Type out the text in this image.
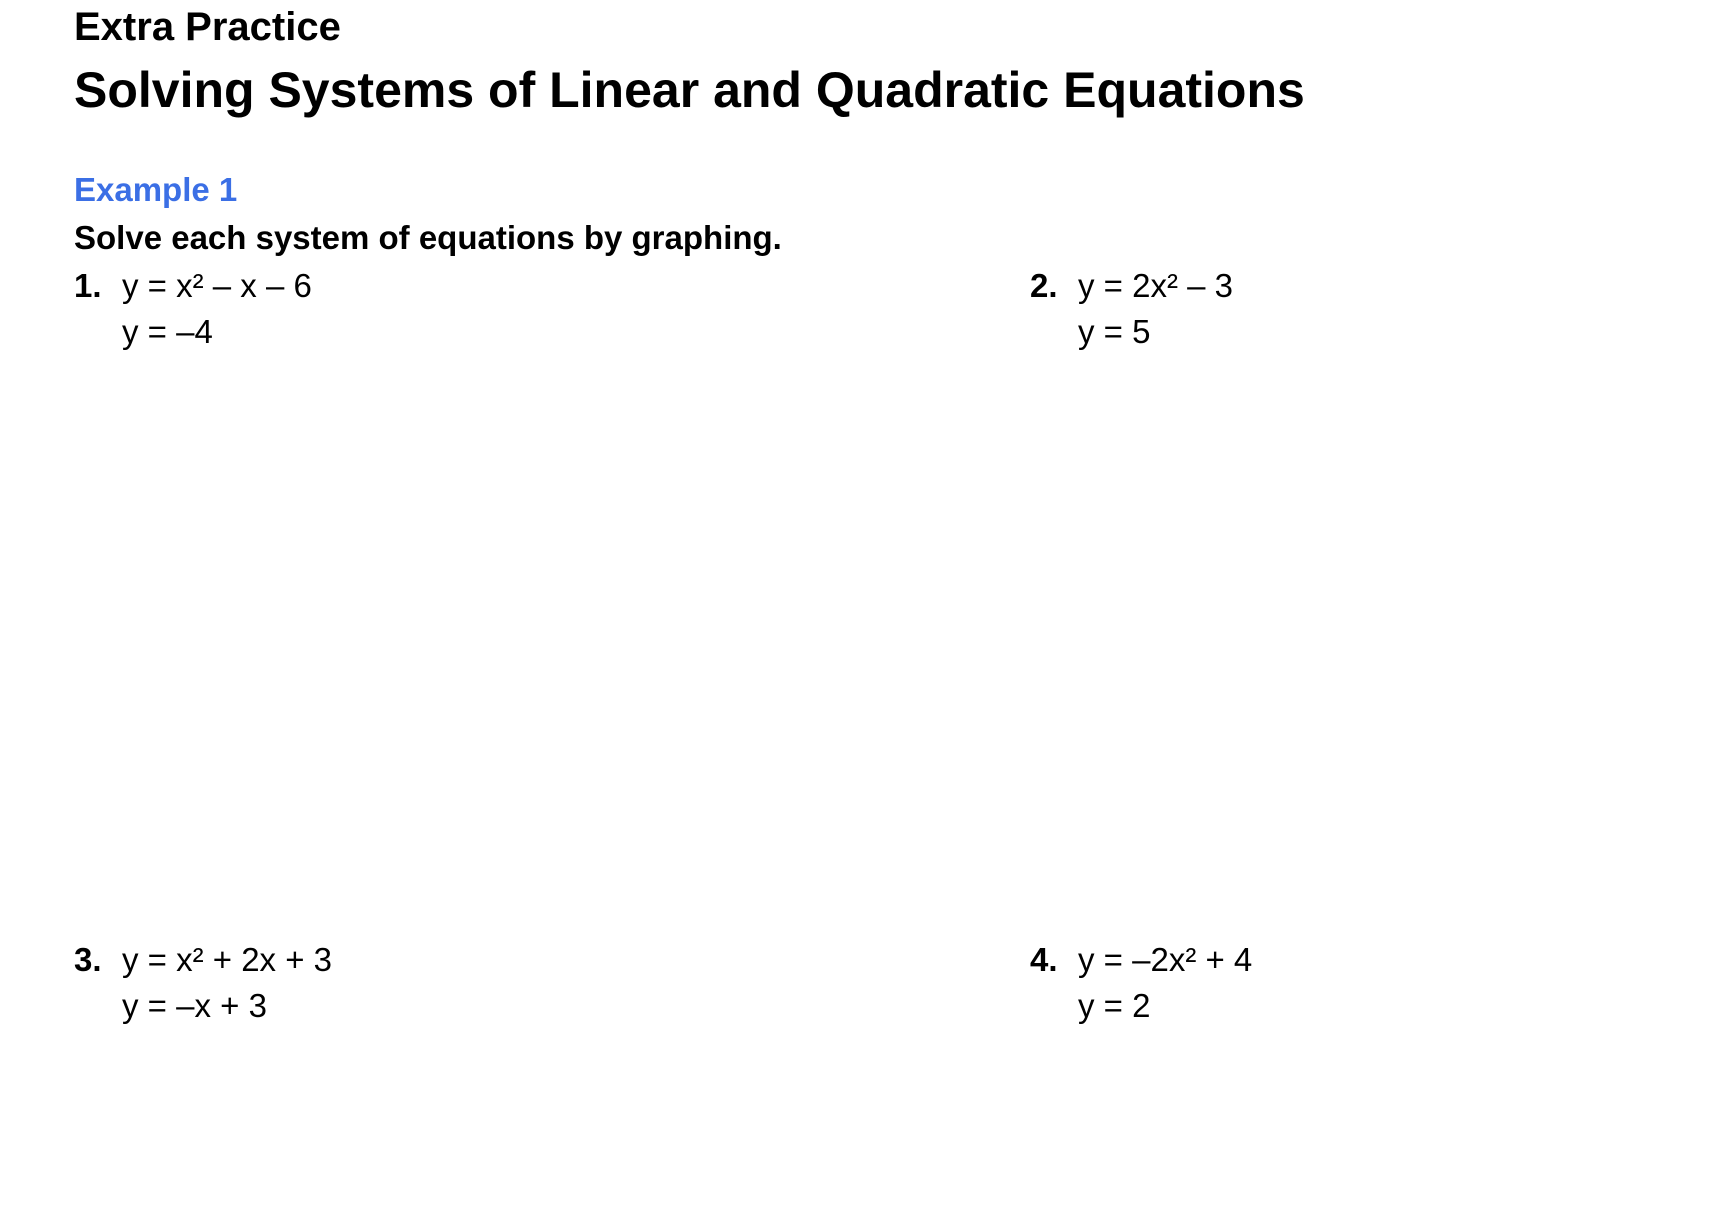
Extra Practice
Solving Systems of Linear and Quadratic Equations
Example 1
Solve each system of equations by graphing.
1. y = x² – x – 6
y = –4
2. y = 2x² – 3
y = 5
3. y = x² + 2x + 3
y = –x + 3
4. y = –2x² + 4
y = 2
